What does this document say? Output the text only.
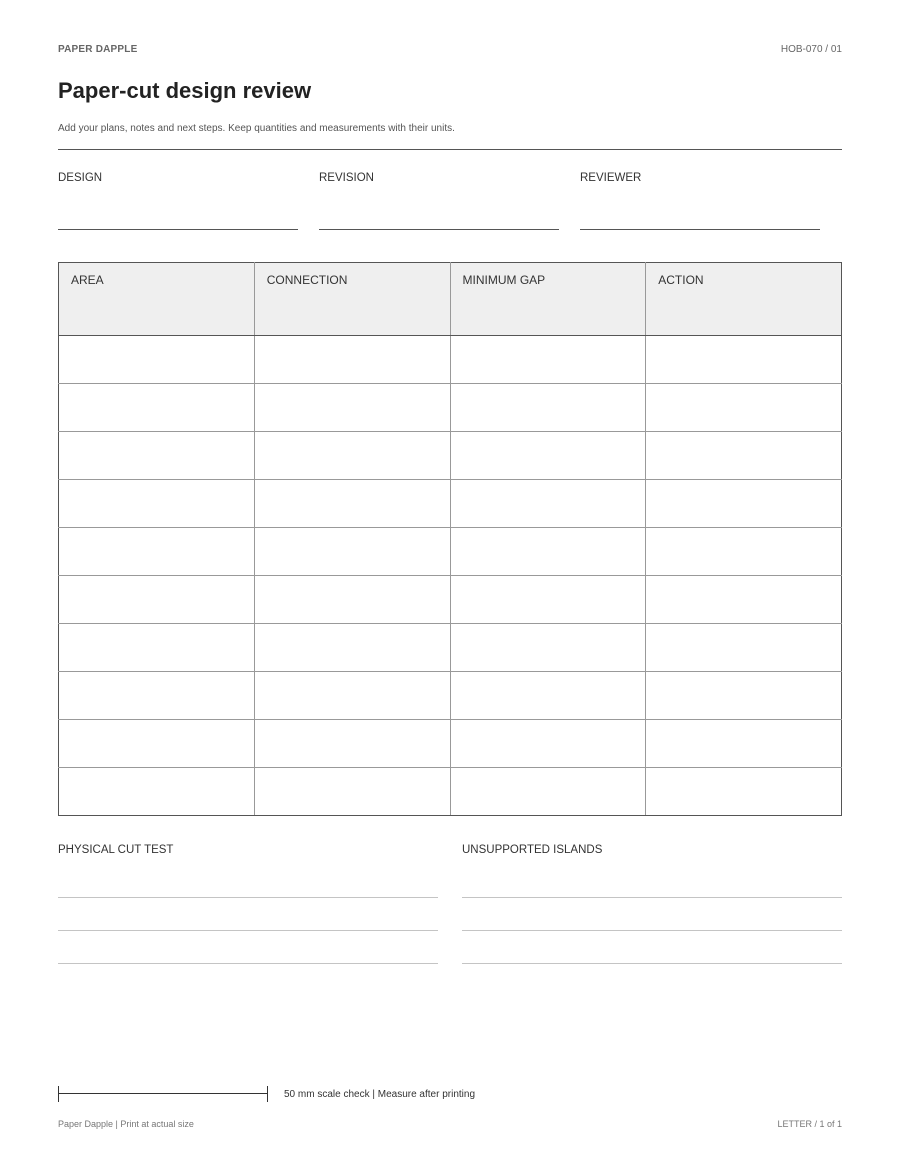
PAPER DAPPLE	HOB-070 / 01
Paper-cut design review
Add your plans, notes and next steps. Keep quantities and measurements with their units.
DESIGN	REVISION	REVIEWER
AREA	CONNECTION	MINIMUM GAP	ACTION

PHYSICAL CUT TEST	UNSUPPORTED ISLANDS
50 mm scale check | Measure after printing
Paper Dapple | Print at actual size	LETTER / 1 of 1
